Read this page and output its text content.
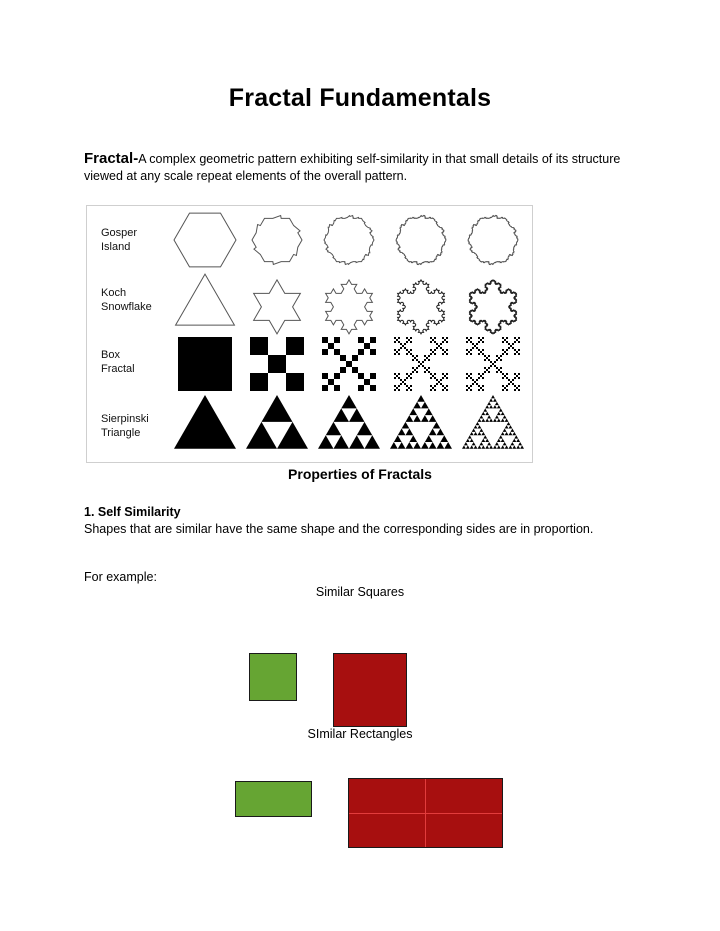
Fractal Fundamentals
Fractal-A complex geometric pattern exhibiting self-similarity in that small details of its structure viewed at any scale repeat elements of the overall pattern.
Gosper
Island
Koch
Snowflake
Box
Fractal
Sierpinski
Triangle
Properties of Fractals
1. Self Similarity
Shapes that are similar have the same shape and the corresponding sides are in proportion.
For example:
Similar Squares
SImilar Rectangles
